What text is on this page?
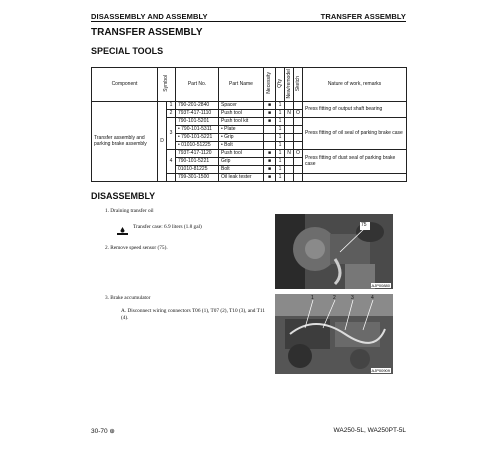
DISASSEMBLY AND ASSEMBLY	TRANSFER ASSEMBLY
TRANSFER ASSEMBLY
SPECIAL TOOLS
Component	Symbol		Part No.	Part Name	Necessity	Q'ty	New/remodel	Sketch	Nature of work, remarks
Transfer assembly and parking brake assembly	D	1	790-201-2840	Spacer	■	1			Press fitting of output shaft bearing
		2	793T-417-1110	Push tool	■	1	N	O	
		3	790-101-5201	Push tool kit	■	1			Press fitting of oil seal of parking brake case
			• 790-101-5311	• Plate		1			
			• 790-101-5221	• Grip		1			
			• 01010-51225	• Bolt		1			
		4	793T-417-1120	Push tool	■	1	N	O	Press fitting of dust seal of parking brake case
			790-101-5221	Grip	■	1			
			01010-81225	Bolt	■	1			
			799-301-1500	Oil leak tester	■	1			
DISASSEMBLY
1. Draining transfer oil
Transfer case: 6.9 liters (1.8 gal)
2. Remove speed sensor (75).
3. Brake accumulator
A. Disconnect wiring connectors T06 (1), T07 (2), T10 (3), and T11 (4).
75
AJP00880
1	2	3	4
AJP00909
30-70 ⊕	WA250-5L, WA250PT-5L
